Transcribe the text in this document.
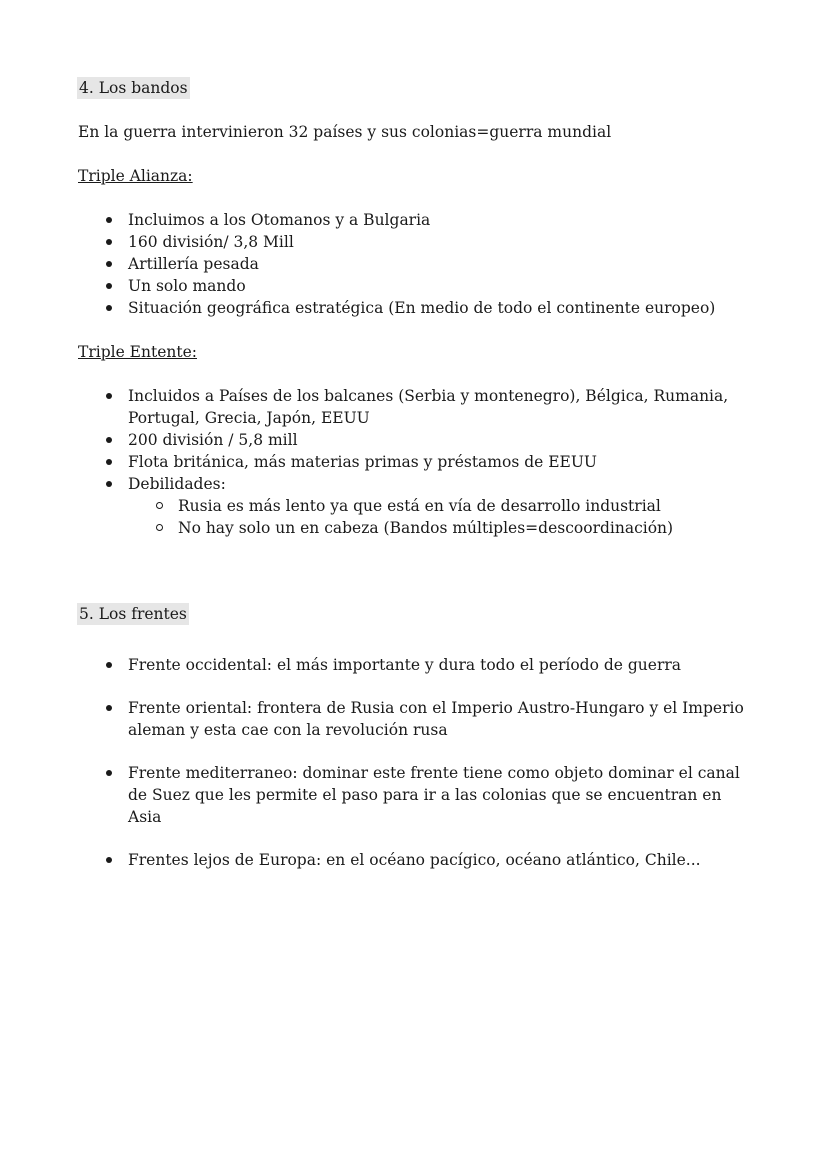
4. Los bandos

En la guerra intervinieron 32 países y sus colonias=guerra mundial

Triple Alianza:

Incluimos a los Otomanos y a Bulgaria
160 división/ 3,8 Mill
Artillería pesada
Un solo mando
Situación geográfica estratégica (En medio de todo el continente europeo)

Triple Entente:

Incluidos a Países de los balcanes (Serbia y montenegro), Bélgica, Rumania, Portugal, Grecia, Japón, EEUU
200 división / 5,8 mill
Flota británica, más materias primas y préstamos de EEUU
Debilidades:
Rusia es más lento ya que está en vía de desarrollo industrial
No hay solo un en cabeza (Bandos múltiples=descoordinación)

5. Los frentes

Frente occidental: el más importante y dura todo el período de guerra
Frente oriental: frontera de Rusia con el Imperio Austro-Hungaro y el Imperio aleman y esta cae con la revolución rusa
Frente mediterraneo: dominar este frente tiene como objeto dominar el canal de Suez que les permite el paso para ir a las colonias que se encuentran en Asia
Frentes lejos de Europa: en el océano pacígico, océano atlántico, Chile...
